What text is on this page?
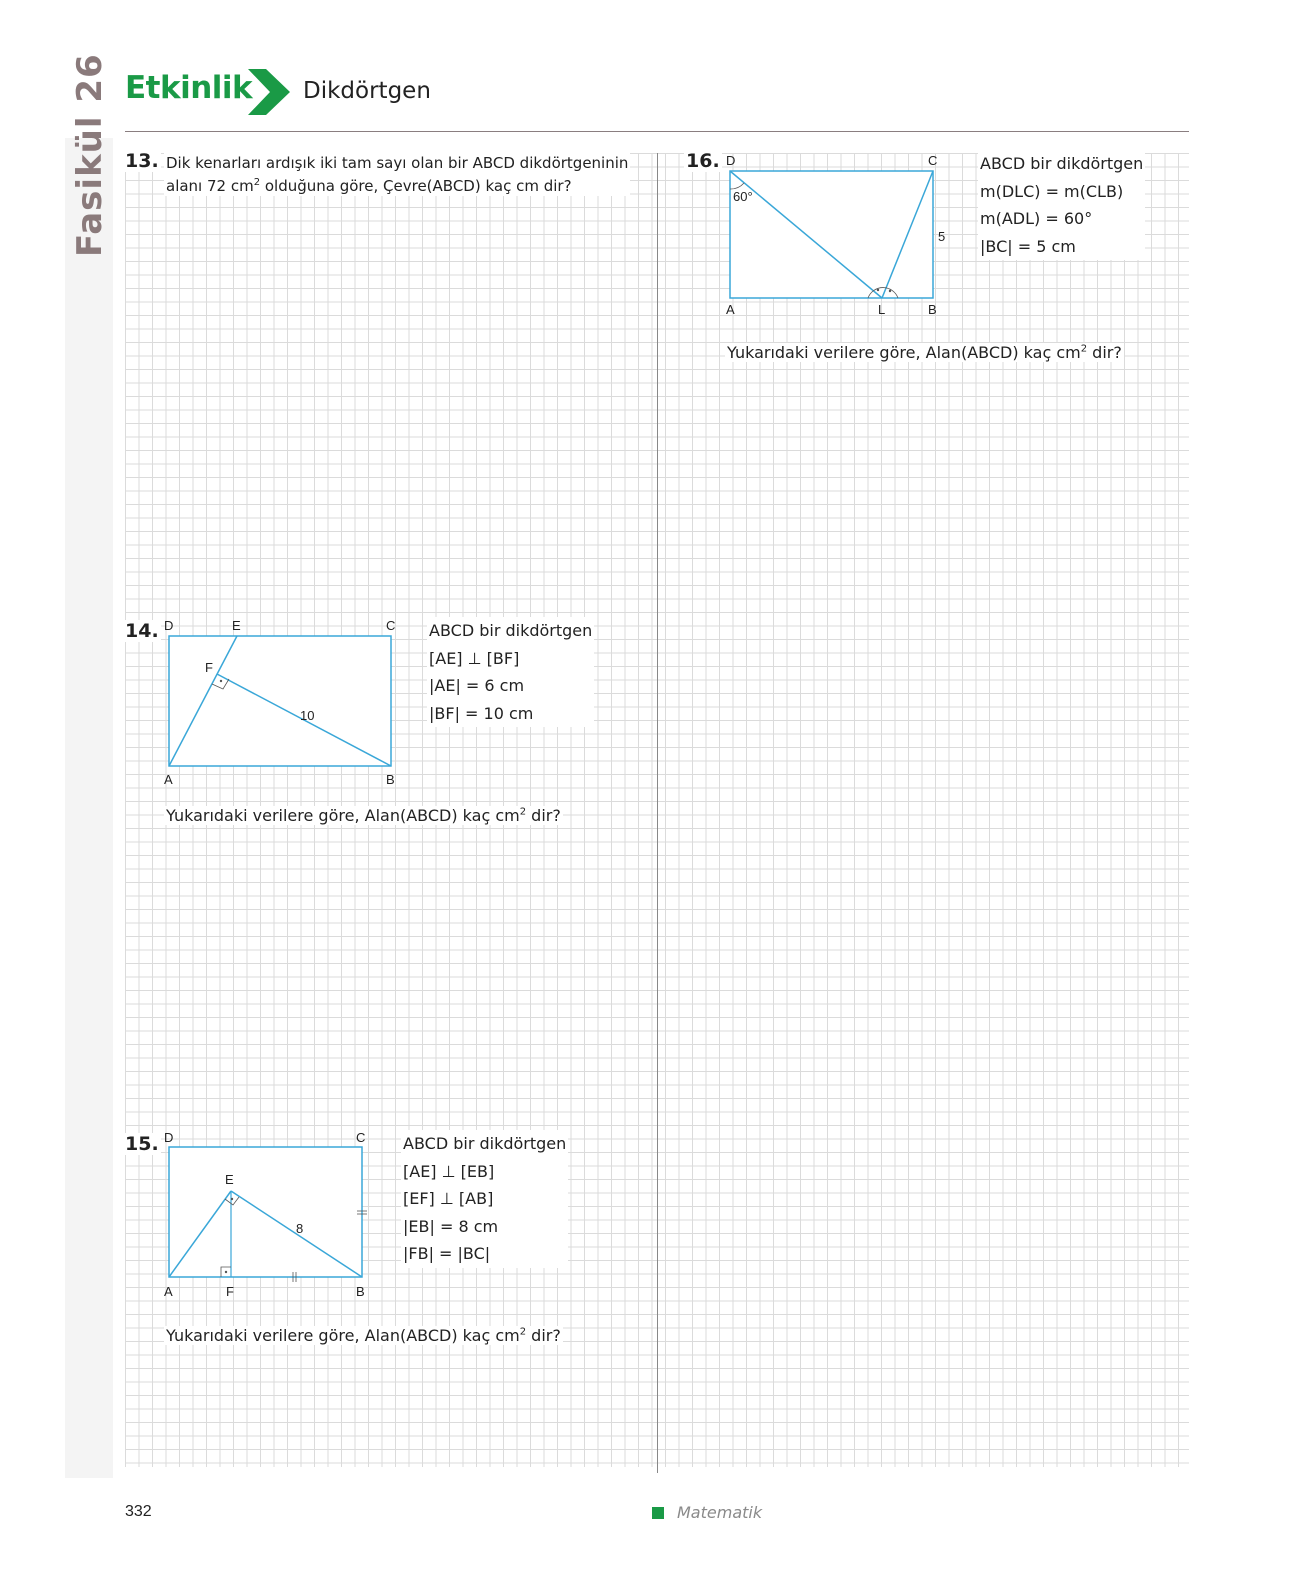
Etkinlik Dikdörtgen
Fasikül 26 13. Dik kenarları ardışık iki tam sayı olan bir ABCD dikdörtgeninin
alanı 72 $cm^2$ olduğuna göre, Çevre(ABCD) kaç cm dir?
14. D	E	C
F
A	B
10
ABCD bir dikdörtgen
[AE] ⊥ [BF]
|AE| = 6 cm
|BF| = 10 cm
Yukarıdaki verilere göre, Alan(ABCD) kaç $cm^2$ dir?
15. D	C
E
A	F	B
8
ABCD bir dikdörtgen
[AE] ⊥ [EB]
[EF] ⊥ [AB]
|EB| = 8 cm
|FB| = |BC|
Yukarıdaki verilere göre, Alan(ABCD) kaç $cm^2$ dir?
16. D	C
60°
5
A	L	B
ABCD bir dikdörtgen
m(DLC) = m(CLB)
m(ADL) = 60°
|BC| = 5 cm
Yukarıdaki verilere göre, Alan(ABCD) kaç $cm^2$ dir?
332	Matematik
